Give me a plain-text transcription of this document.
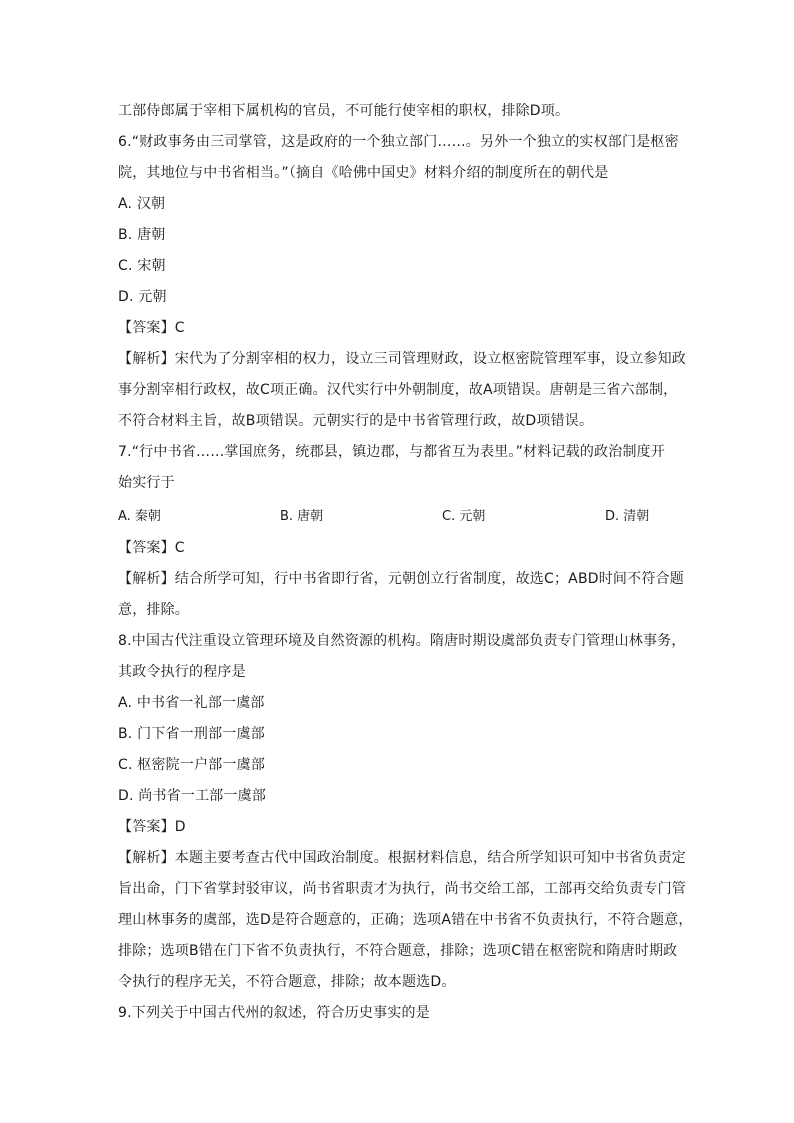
工部侍郎属于宰相下属机构的官员，不可能行使宰相的职权，排除D项。
6.“财政事务由三司掌管，这是政府的一个独立部门……。另外一个独立的实权部门是枢密
院，其地位与中书省相当。”（摘自《哈佛中国史》材料介绍的制度所在的朝代是
A. 汉朝
B. 唐朝
C. 宋朝
D. 元朝
【答案】C
【解析】宋代为了分割宰相的权力，设立三司管理财政，设立枢密院管理军事，设立参知政
事分割宰相行政权，故C项正确。汉代实行中外朝制度，故A项错误。唐朝是三省六部制，
不符合材料主旨，故B项错误。元朝实行的是中书省管理行政，故D项错误。
7.“行中书省……掌国庶务，统郡县，镇边郡，与都省互为表里。”材料记载的政治制度开
始实行于
A. 秦朝	B. 唐朝	C. 元朝	D. 清朝
【答案】C
【解析】结合所学可知，行中书省即行省，元朝创立行省制度，故选C；ABD时间不符合题
意，排除。
8.中国古代注重设立管理环境及自然资源的机构。隋唐时期设虞部负责专门管理山林事务，
其政令执行的程序是
A. 中书省一礼部一虞部
B. 门下省一刑部一虞部
C. 枢密院一户部一虞部
D. 尚书省一工部一虞部
【答案】D
【解析】本题主要考查古代中国政治制度。根据材料信息，结合所学知识可知中书省负责定
旨出命，门下省掌封驳审议，尚书省职责才为执行，尚书交给工部，工部再交给负责专门管
理山林事务的虞部，选D是符合题意的，正确；选项A错在中书省不负责执行，不符合题意，
排除；选项B错在门下省不负责执行，不符合题意，排除；选项C错在枢密院和隋唐时期政
令执行的程序无关，不符合题意，排除；故本题选D。
9.下列关于中国古代州的叙述，符合历史事实的是
